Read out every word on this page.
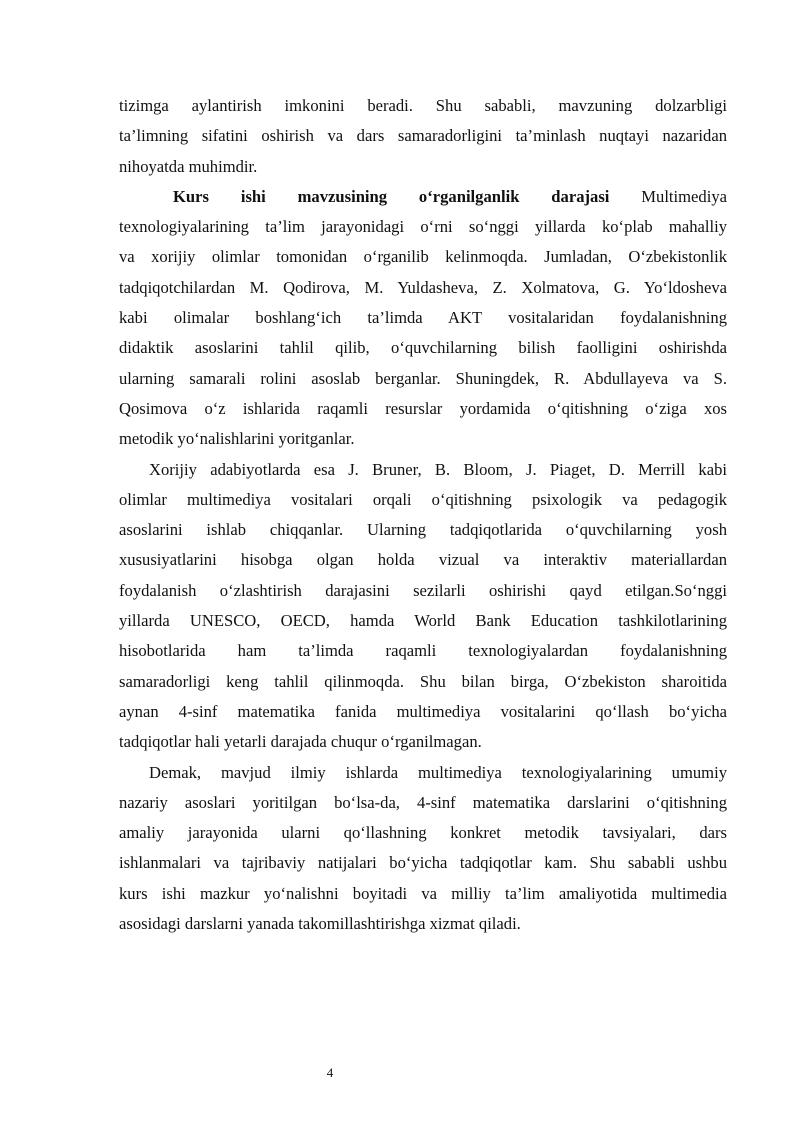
tizimga aylantirish imkonini beradi. Shu sababli, mavzuning dolzarbligi
ta’limning sifatini oshirish va dars samaradorligini ta’minlash nuqtayi nazaridan
nihoyatda muhimdir.
Kurs ishi mavzusining o‘rganilganlik darajasi Multimediya
texnologiyalarining ta’lim jarayonidagi o‘rni so‘nggi yillarda ko‘plab mahalliy
va xorijiy olimlar tomonidan o‘rganilib kelinmoqda. Jumladan, O‘zbekistonlik
tadqiqotchilardan M. Qodirova, M. Yuldasheva, Z. Xolmatova, G. Yo‘ldosheva
kabi olimalar boshlang‘ich ta’limda AKT vositalaridan foydalanishning
didaktik asoslarini tahlil qilib, o‘quvchilarning bilish faolligini oshirishda
ularning samarali rolini asoslab berganlar. Shuningdek, R. Abdullayeva va S.
Qosimova o‘z ishlarida raqamli resurslar yordamida o‘qitishning o‘ziga xos
metodik yo‘nalishlarini yoritganlar.
Xorijiy adabiyotlarda esa J. Bruner, B. Bloom, J. Piaget, D. Merrill kabi
olimlar multimediya vositalari orqali o‘qitishning psixologik va pedagogik
asoslarini ishlab chiqqanlar. Ularning tadqiqotlarida o‘quvchilarning yosh
xususiyatlarini hisobga olgan holda vizual va interaktiv materiallardan
foydalanish o‘zlashtirish darajasini sezilarli oshirishi qayd etilgan.So‘nggi
yillarda UNESCO, OECD, hamda World Bank Education tashkilotlarining
hisobotlarida ham ta’limda raqamli texnologiyalardan foydalanishning
samaradorligi keng tahlil qilinmoqda. Shu bilan birga, O‘zbekiston sharoitida
aynan 4-sinf matematika fanida multimediya vositalarini qo‘llash bo‘yicha
tadqiqotlar hali yetarli darajada chuqur o‘rganilmagan.
Demak, mavjud ilmiy ishlarda multimediya texnologiyalarining umumiy
nazariy asoslari yoritilgan bo‘lsa-da, 4-sinf matematika darslarini o‘qitishning
amaliy jarayonida ularni qo‘llashning konkret metodik tavsiyalari, dars
ishlanmalari va tajribaviy natijalari bo‘yicha tadqiqotlar kam. Shu sababli ushbu
kurs ishi mazkur yo‘nalishni boyitadi va milliy ta’lim amaliyotida multimedia
asosidagi darslarni yanada takomillashtirishga xizmat qiladi.
4
